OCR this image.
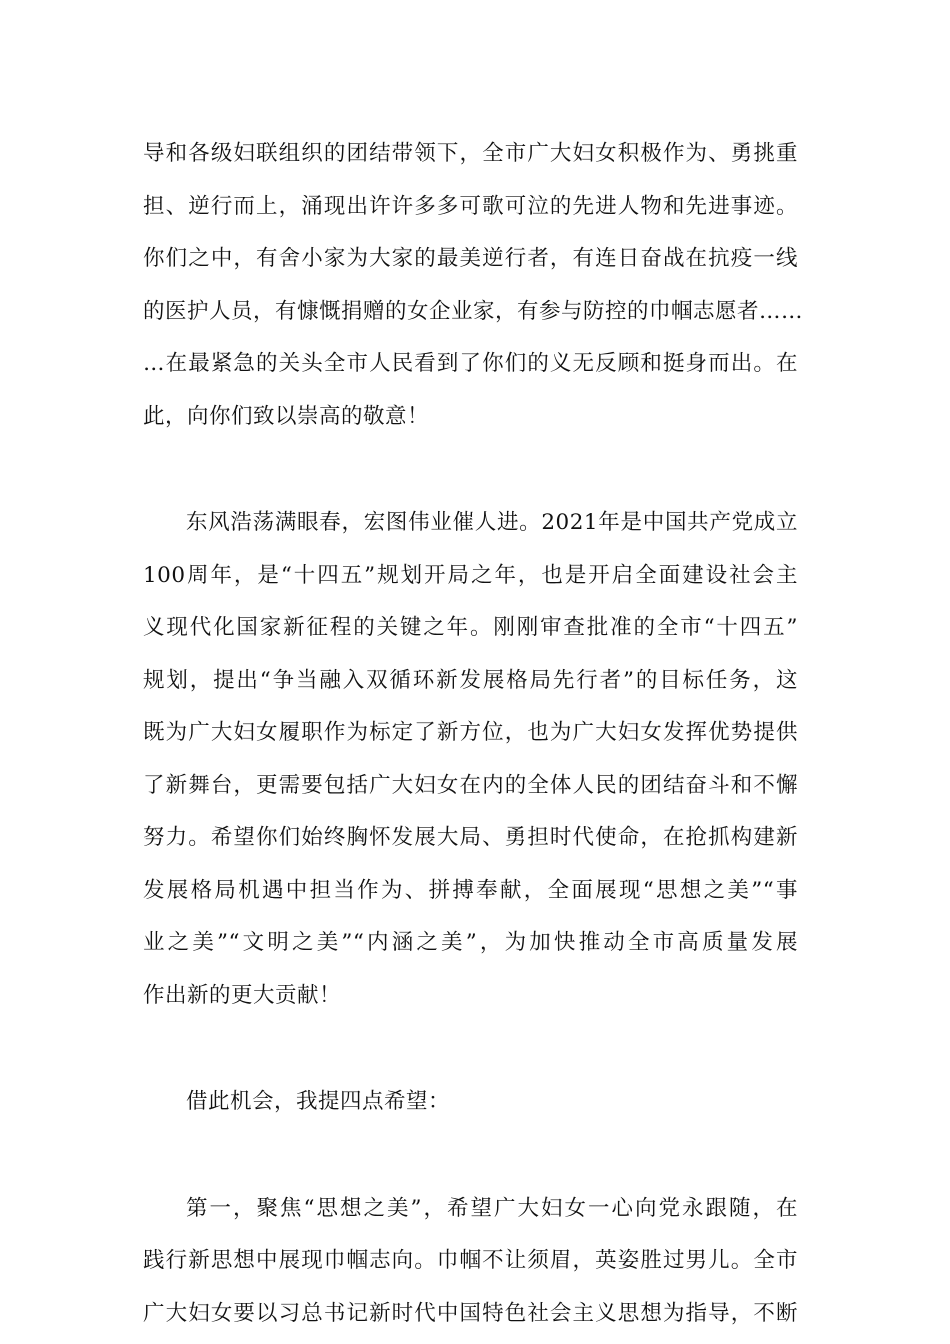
导和各级妇联组织的团结带领下，全市广大妇女积极作为、勇挑重
担、逆行而上，涌现出许许多多可歌可泣的先进人物和先进事迹。
你们之中，有舍小家为大家的最美逆行者，有连日奋战在抗疫一线
的医护人员，有慷慨捐赠的女企业家，有参与防控的巾帼志愿者……
…在最紧急的关头全市人民看到了你们的义无反顾和挺身而出。在
此，向你们致以崇高的敬意！
东风浩荡满眼春，宏图伟业催人进。2021年是中国共产党成立
100周年，是“十四五”规划开局之年，也是开启全面建设社会主
义现代化国家新征程的关键之年。刚刚审查批准的全市“十四五”
规划，提出“争当融入双循环新发展格局先行者”的目标任务，这
既为广大妇女履职作为标定了新方位，也为广大妇女发挥优势提供
了新舞台，更需要包括广大妇女在内的全体人民的团结奋斗和不懈
努力。希望你们始终胸怀发展大局、勇担时代使命，在抢抓构建新
发展格局机遇中担当作为、拼搏奉献，全面展现“思想之美”“事
业之美”“文明之美”“内涵之美”，为加快推动全市高质量发展
作出新的更大贡献！
借此机会，我提四点希望：
第一，聚焦“思想之美”，希望广大妇女一心向党永跟随，在
践行新思想中展现巾帼志向。巾帼不让须眉，英姿胜过男儿。全市
广大妇女要以习总书记新时代中国特色社会主义思想为指导，不断
